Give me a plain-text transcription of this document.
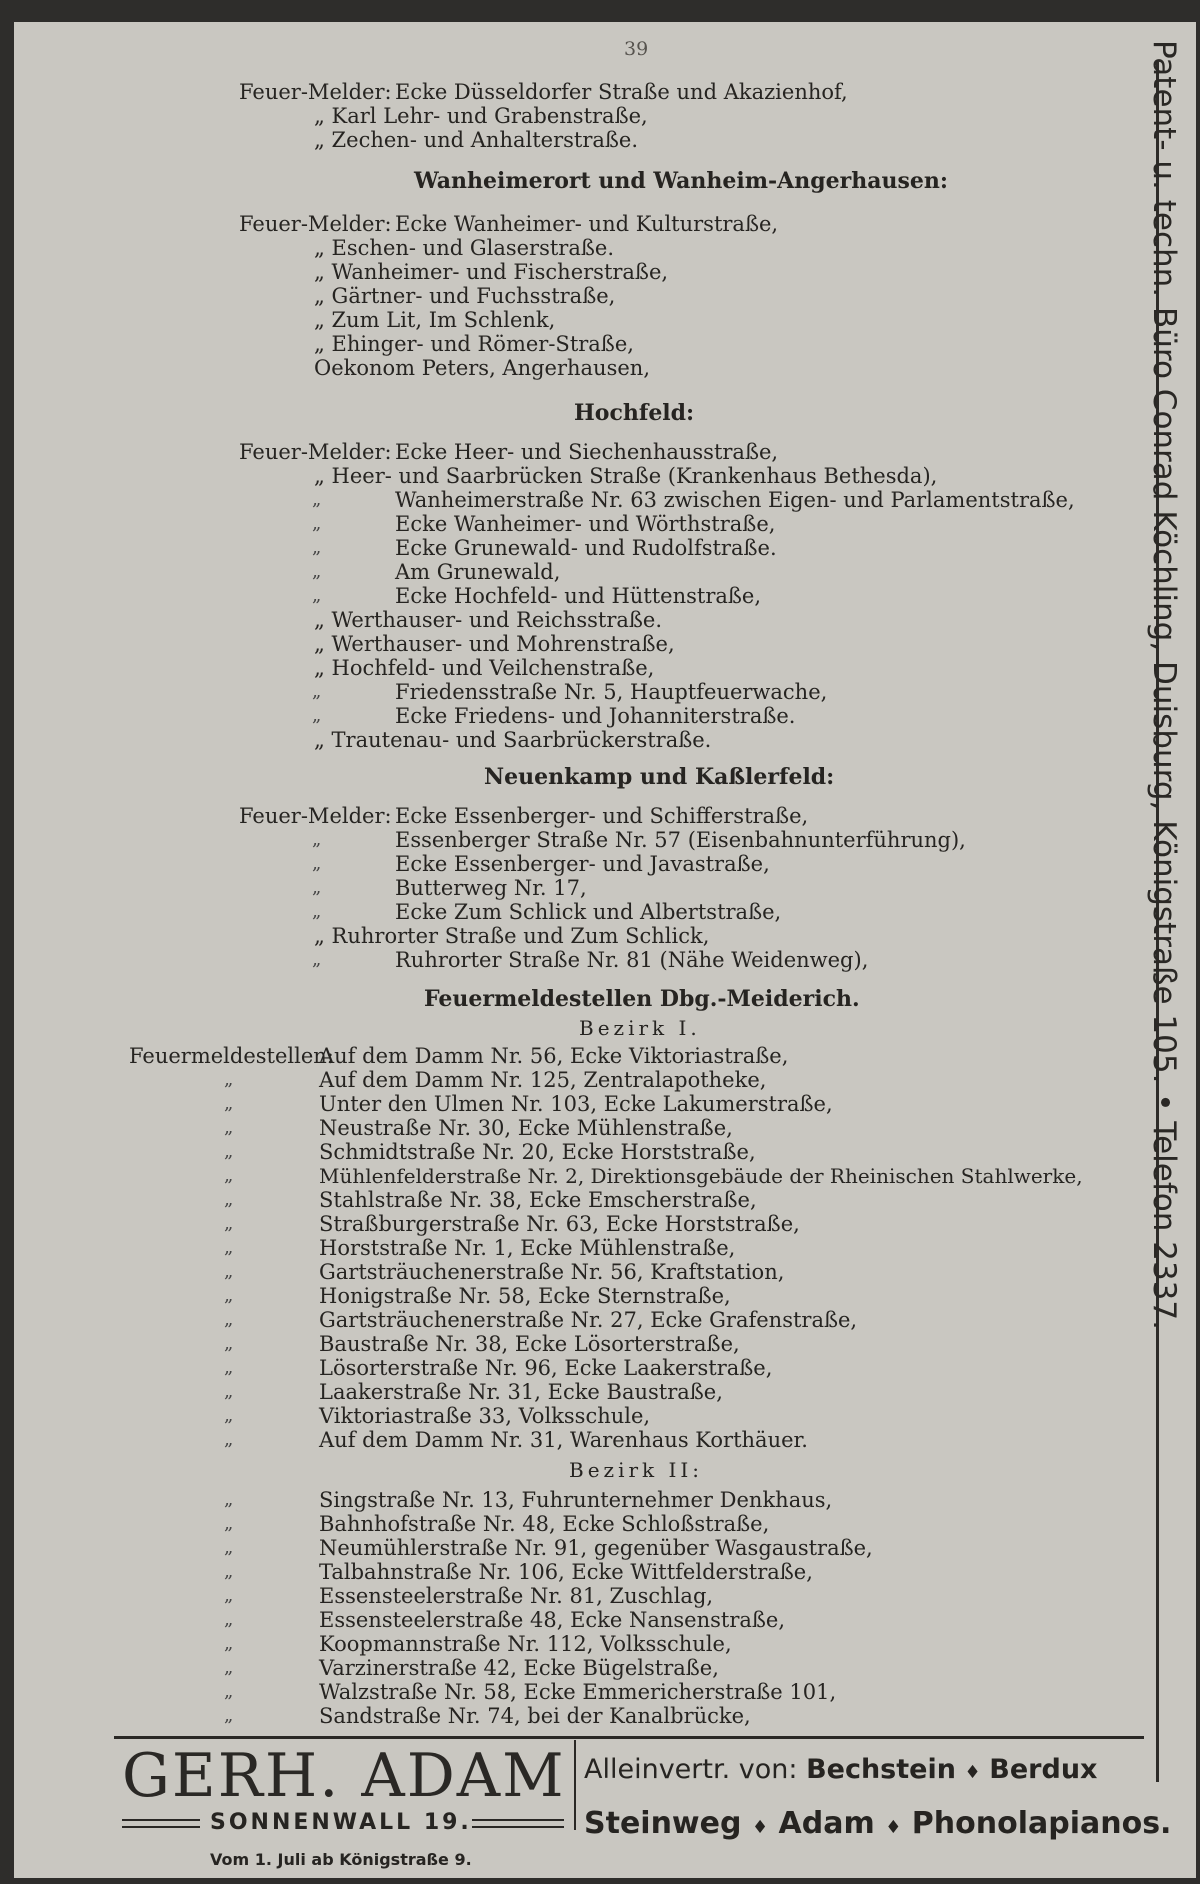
39	Patent- u. techn. Büro Conrad Köchling, Duisburg, Königstraße 105. • Telefon 2337.
Feuer-Melder: Ecke Düsseldorfer Straße und Akazienhof,
„ Karl Lehr- und Grabenstraße,
„ Zechen- und Anhalterstraße.
Wanheimerort und Wanheim-Angerhausen:
Feuer-Melder: Ecke Wanheimer- und Kulturstraße,
„ Eschen- und Glaserstraße.
„ Wanheimer- und Fischerstraße,
„ Gärtner- und Fuchsstraße,
„ Zum Lit, Im Schlenk,
„ Ehinger- und Römer-Straße,
Oekonom Peters, Angerhausen,
Hochfeld:
Feuer-Melder: Ecke Heer- und Siechenhausstraße,
„ Heer- und Saarbrücken Straße (Krankenhaus Bethesda),
„	Wanheimerstraße Nr. 63 zwischen Eigen- und Parlamentstraße,
„	Ecke Wanheimer- und Wörthstraße,
„	Ecke Grunewald- und Rudolfstraße.
„	Am Grunewald,
„	Ecke Hochfeld- und Hüttenstraße,
„ Werthauser- und Reichsstraße.
„ Werthauser- und Mohrenstraße,
„ Hochfeld- und Veilchenstraße,
„	Friedensstraße Nr. 5, Hauptfeuerwache,
„	Ecke Friedens- und Johanniterstraße.
„ Trautenau- und Saarbrückerstraße.
Neuenkamp und Kaßlerfeld:
Feuer-Melder: Ecke Essenberger- und Schifferstraße,
„	Essenberger Straße Nr. 57 (Eisenbahnunterführung),
„	Ecke Essenberger- und Javastraße,
„	Butterweg Nr. 17,
„	Ecke Zum Schlick und Albertstraße,
„ Ruhrorter Straße und Zum Schlick,
„	Ruhrorter Straße Nr. 81 (Nähe Weidenweg),
Feuermeldestellen Dbg.-Meiderich.
Bezirk I.
Feuermeldestellen:
Auf dem Damm Nr. 56, Ecke Viktoriastraße,
„	Auf dem Damm Nr. 125, Zentralapotheke,
„	Unter den Ulmen Nr. 103, Ecke Lakumerstraße,
„	Neustraße Nr. 30, Ecke Mühlenstraße,
„	Schmidtstraße Nr. 20, Ecke Horststraße,
„	Mühlenfelderstraße Nr. 2, Direktionsgebäude der Rheinischen Stahlwerke,
„	Stahlstraße Nr. 38, Ecke Emscherstraße,
„	Straßburgerstraße Nr. 63, Ecke Horststraße,
„	Horststraße Nr. 1, Ecke Mühlenstraße,
„	Gartsträuchenerstraße Nr. 56, Kraftstation,
„	Honigstraße Nr. 58, Ecke Sternstraße,
„	Gartsträuchenerstraße Nr. 27, Ecke Grafenstraße,
„	Baustraße Nr. 38, Ecke Lösorterstraße,
„	Lösorterstraße Nr. 96, Ecke Laakerstraße,
„	Laakerstraße Nr. 31, Ecke Baustraße,
„	Viktoriastraße 33, Volksschule,
„	Auf dem Damm Nr. 31, Warenhaus Korthäuer.
Bezirk II:
„	Singstraße Nr. 13, Fuhrunternehmer Denkhaus,
„	Bahnhofstraße Nr. 48, Ecke Schloßstraße,
„	Neumühlerstraße Nr. 91, gegenüber Wasgaustraße,
„	Talbahnstraße Nr. 106, Ecke Wittfelderstraße,
„	Essensteelerstraße Nr. 81, Zuschlag,
„	Essensteelerstraße 48, Ecke Nansenstraße,
„	Koopmannstraße Nr. 112, Volksschule,
„	Varzinerstraße 42, Ecke Bügelstraße,
„	Walzstraße Nr. 58, Ecke Emmericherstraße 101,
„	Sandstraße Nr. 74, bei der Kanalbrücke,
GERH. ADAM
SONNENWALL 19.
Vom 1. Juli ab Königstraße 9.
Alleinvertr. von: Bechstein ♦ Berdux
Steinweg ♦ Adam ♦ Phonolapianos.
